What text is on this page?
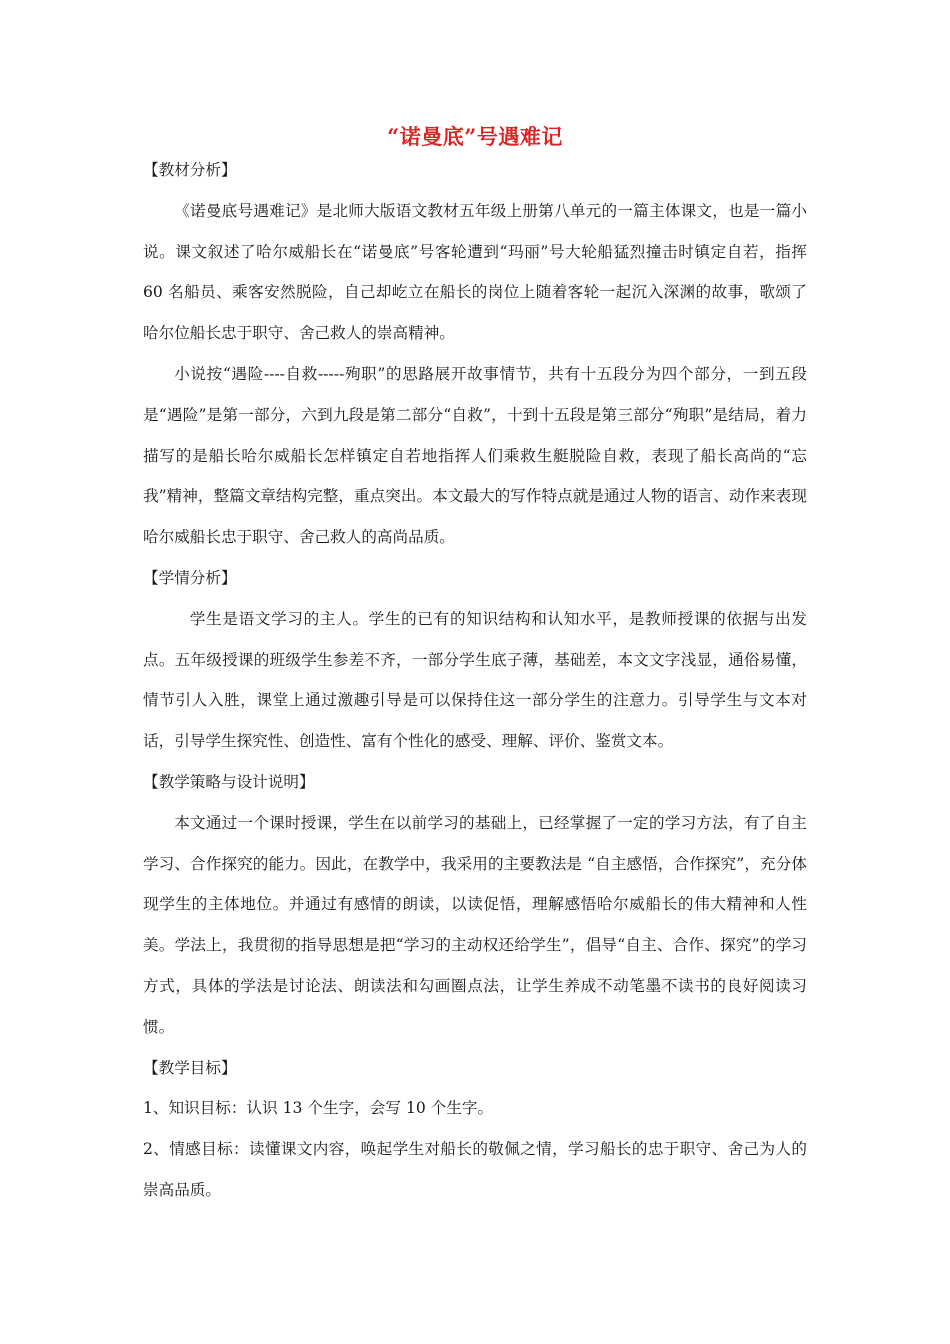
“诺曼底”号遇难记

【教材分析】

《诺曼底号遇难记》是北师大版语文教材五年级上册第八单元的一篇主体课文，也是一篇小说。课文叙述了哈尔威船长在“诺曼底”号客轮遭到“玛丽”号大轮船猛烈撞击时镇定自若，指挥 60 名船员、乘客安然脱险，自己却屹立在船长的岗位上随着客轮一起沉入深渊的故事，歌颂了哈尔位船长忠于职守、舍己救人的崇高精神。

小说按“遇险----自救-----殉职”的思路展开故事情节，共有十五段分为四个部分，一到五段是“遇险”是第一部分，六到九段是第二部分“自救”，十到十五段是第三部分“殉职”是结局，着力描写的是船长哈尔威船长怎样镇定自若地指挥人们乘救生艇脱险自救，表现了船长高尚的“忘我”精神，整篇文章结构完整，重点突出。本文最大的写作特点就是通过人物的语言、动作来表现哈尔威船长忠于职守、舍己救人的高尚品质。

【学情分析】

学生是语文学习的主人。学生的已有的知识结构和认知水平，是教师授课的依据与出发点。五年级授课的班级学生参差不齐，一部分学生底子薄，基础差，本文文字浅显，通俗易懂，情节引人入胜，课堂上通过激趣引导是可以保持住这一部分学生的注意力。引导学生与文本对话，引导学生探究性、创造性、富有个性化的感受、理解、评价、鉴赏文本。

【教学策略与设计说明】

本文通过一个课时授课，学生在以前学习的基础上，已经掌握了一定的学习方法，有了自主学习、合作探究的能力。因此，在教学中，我采用的主要教法是 “自主感悟，合作探究”，充分体现学生的主体地位。并通过有感情的朗读，以读促悟，理解感悟哈尔威船长的伟大精神和人性美。学法上，我贯彻的指导思想是把“学习的主动权还给学生”，倡导“自主、合作、探究”的学习方式，具体的学法是讨论法、朗读法和勾画圈点法，让学生养成不动笔墨不读书的良好阅读习惯。

【教学目标】

1、知识目标：认识 13 个生字，会写 10 个生字。

2、情感目标：读懂课文内容，唤起学生对船长的敬佩之情，学习船长的忠于职守、舍己为人的崇高品质。
